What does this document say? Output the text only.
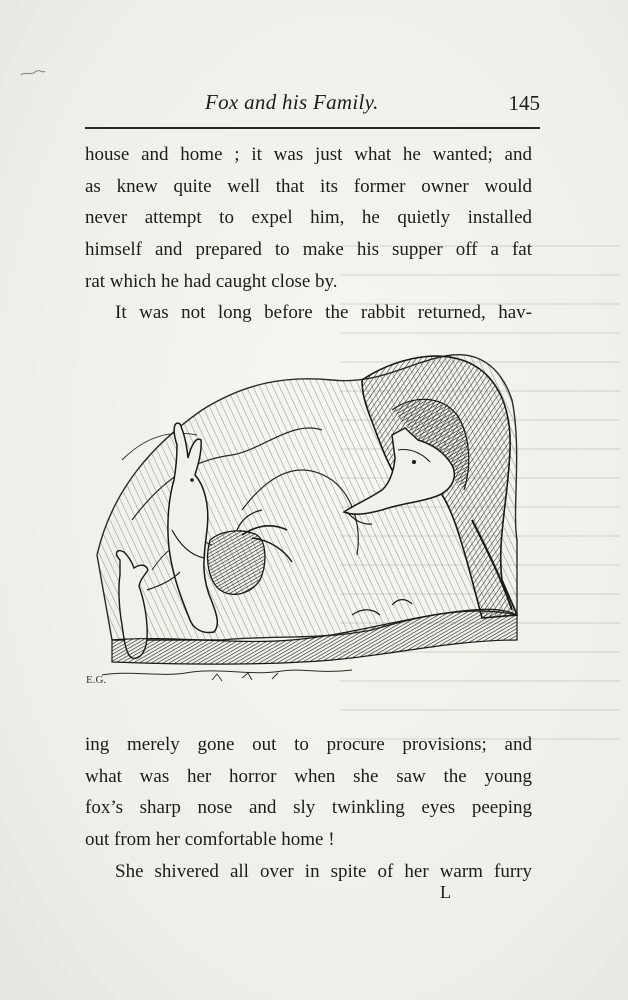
Fox and his Family.	145
house and home ; it was just what he wanted; and
as knew quite well that its former owner would
never attempt to expel him, he quietly installed
himself and prepared to make his supper off a fat
rat which he had caught close by.
It was not long before the rabbit returned, hav-
E.G.
ing merely gone out to procure provisions; and
what was her horror when she saw the young
fox’s sharp nose and sly twinkling eyes peeping
out from her comfortable home !
She shivered all over in spite of her warm furry
L
